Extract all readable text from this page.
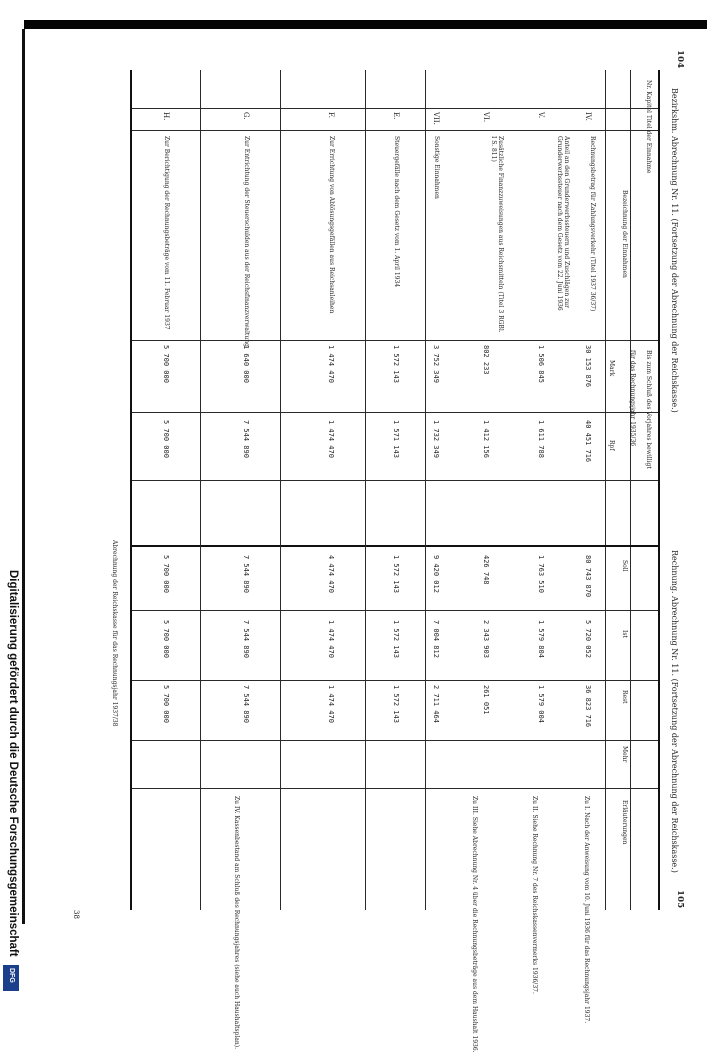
104
Bezirkshm. Abrechnung Nr. 11. (Fortsetzung der Abrechnung der Reichskasse.)
Rechnung. Abrechnung Nr. 11. (Fortsetzung der Abrechnung der Reichskasse.)
105
Nr. Kapitel Titel der Einnahme
Bezeichnung der Einnahmen
Bis zum Schluß des Vorjahres bewilligt
für das Rechnungsjahr 1935/36
Soll
Ist
Rest
Mehr
Erläuterungen
Mark
Rpf
IV.
Rechnungsbetrag für Zahlungsverkehr (Titel 1937 36/37)
30 153 876
40 451 716
80 743 870
5 720 052
36 823 716
V.
Anteil an den Grunderwerbssteuern und Zuschlägen zur Grunderwerbssteuer nach dem Gesetz vom 22. Juni 1936
1 506 845
1 611 788
1 763 510
1 579 804
1 579 004
VI.
Zusätzliche Finanzzuweisungen aus Reichsmitteln (Titel 3 RGBl. I S. 811)
802 233
1 412 156
426 748
2 343 903
261 051
VII.
Sonstige Einnahmen
3 752 349
1 732 349
9 420 012
7 004 812
2 711 464
E.
Steuergefälle nach dem Gesetz vom 1. April 1934
1 572 143
1 571 143
1 572 143
1 572 143
1 572 143
F.
Zur Errichtung von Ablösungsgefällen aus Reichsanleihen
1 474 470
1 474 470
4 474 470
1 474 470
1 474 470
G.
Zur Entrichtung der Steuerschulden aus der Reichsfinanzverwaltung
1 640 000
7 544 890
7 544 890
7 544 890
7 544 890
H.
Zur Berichtigung der Rechnungsbeträge vom 11. Februar 1937
5 700 000
5 700 000
5 700 000
5 700 000
5 700 000
Zu I. Nach der Anweisung vom 10. Juni 1936 für das Rechnungsjahr 1937.
Zu II. Siehe Rechnung Nr. 7 des Reichskassenvermerks 1936/37.
Zu III. Siehe Abrechnung Nr. 4 über die Rechnungsbeträge aus dem Haushalt 1936.
Zu IV. Kassenbestand am Schluß des Rechnungsjahres (siehe auch Haushaltsplan).
Abrechnung der Reichskasse für das Rechnungsjahr 1937/38
38
Digitalisierung gefördert durch die Deutsche Forschungsgemeinschaft
DFG
